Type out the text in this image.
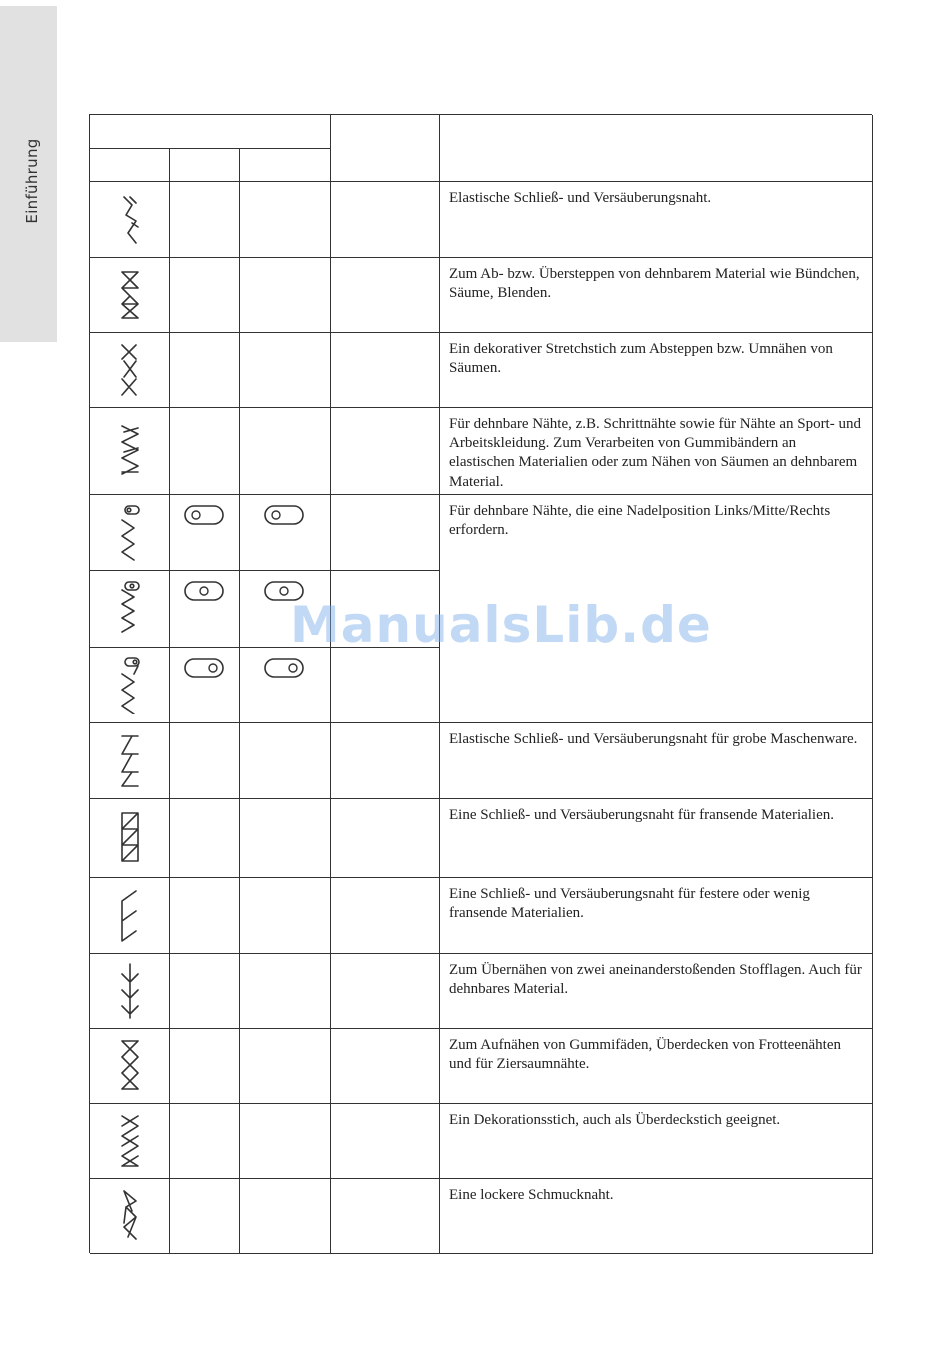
Einführung	Elastische Schließ- und Versäuberungsnaht.
Zum Ab- bzw. Übersteppen von dehnbarem Material wie Bündchen, Säume, Blenden.
Ein dekorativer Stretchstich zum Absteppen bzw. Umnähen von Säumen.
Für dehnbare Nähte, z.B. Schrittnähte sowie für Nähte an Sport- und Arbeitskleidung. Zum Verarbeiten von Gummibändern an elastischen Materialien oder zum Nähen von Säumen an dehnbarem Material.
Für dehnbare Nähte, die eine Nadelposition Links/Mitte/Rechts erfordern.
Elastische Schließ- und Versäuberungsnaht für grobe Maschenware.
Eine Schließ- und Versäuberungsnaht für fransende Materialien.
Eine Schließ- und Versäuberungsnaht für festere oder wenig fransende Materialien.
Zum Übernähen von zwei aneinanderstoßenden Stofflagen. Auch für dehnbares Material.
Zum Aufnähen von Gummifäden, Überdecken von Frotteenähten und für Ziersaumnähte.
Ein Dekorationsstich, auch als Überdeckstich geeignet.
Eine lockere Schmucknaht.
ManualsLib.de
